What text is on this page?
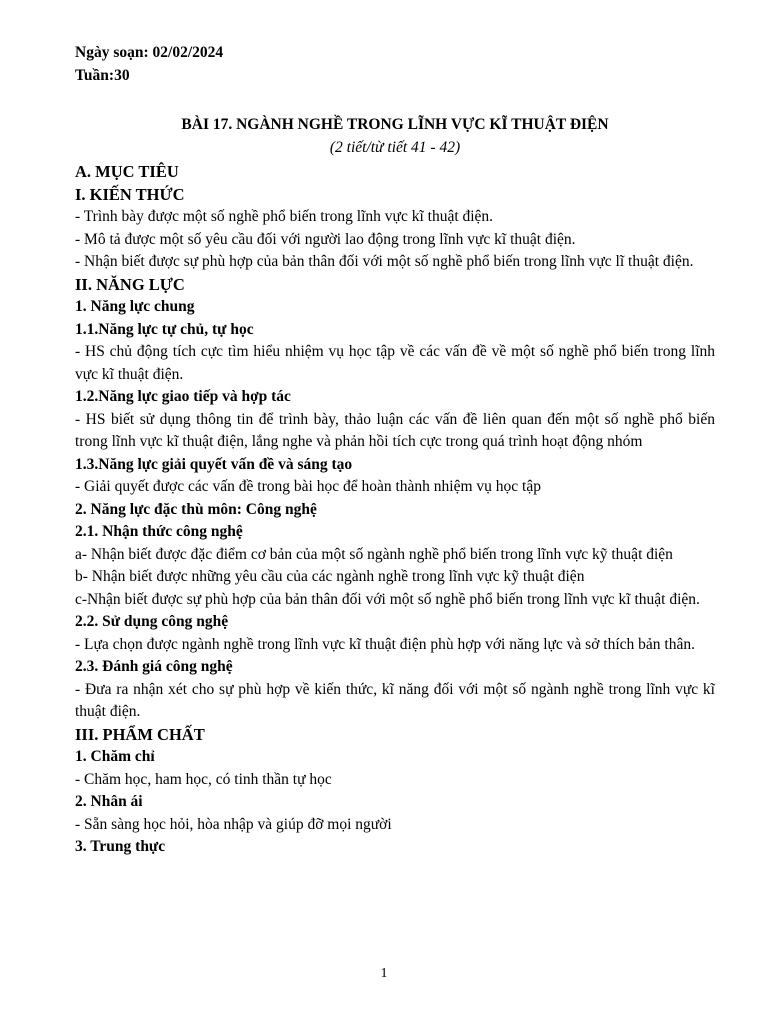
Ngày soạn: 02/02/2024

Tuần:30

BÀI 17. NGÀNH NGHỀ TRONG LĨNH VỰC KĨ THUẬT ĐIỆN

(2 tiết/từ tiết 41 - 42)

A. MỤC TIÊU

I. KIẾN THỨC

- Trình bày được một số nghề phổ biến trong lĩnh vực kĩ thuật điện.

- Mô tả được một số yêu cầu đối với người lao động trong lĩnh vực kĩ thuật điện.

- Nhận biết được sự phù hợp của bản thân đối với một số nghề phổ biến trong lĩnh vực lĩ thuật điện.

II. NĂNG LỰC

1. Năng lực chung

1.1.Năng lực tự chủ, tự học

- HS chủ động tích cực tìm hiểu nhiệm vụ học tập về các vấn đề về một số nghề phổ biến trong lĩnh vực kĩ thuật điện.

1.2.Năng lực giao tiếp và hợp tác

- HS biết sử dụng thông tin để trình bày, thảo luận các vấn đề liên quan đến một số nghề phổ biến trong lĩnh vực kĩ thuật điện, lắng nghe và phản hồi tích cực trong quá trình hoạt động nhóm

1.3.Năng lực giải quyết vấn đề và sáng tạo

- Giải quyết được các vấn đề trong bài học để hoàn thành nhiệm vụ học tập

2. Năng lực đặc thù môn: Công nghệ

2.1. Nhận thức công nghệ

a- Nhận biết được đặc điểm cơ bản của một số ngành nghề phổ biến trong lĩnh vực kỹ thuật điện

b- Nhận biết được những yêu cầu của các ngành nghề trong lĩnh vực kỹ thuật điện

c-Nhận biết được sự phù hợp của bản thân đối với một số nghề phổ biến trong lĩnh vực kĩ thuật điện.

2.2. Sử dụng công nghệ

- Lựa chọn được ngành nghề trong lĩnh vực kĩ thuật điện phù hợp với năng lực và sở thích bản thân.

2.3. Đánh giá công nghệ

- Đưa ra nhận xét cho sự phù hợp về kiến thức, kĩ năng đối với một số ngành nghề trong lĩnh vực kĩ thuật điện.

III. PHẨM CHẤT

1. Chăm chỉ

- Chăm học, ham học, có tinh thần tự học

2. Nhân ái

- Sẵn sàng học hỏi, hòa nhập và giúp đỡ mọi người

3. Trung thực

1
